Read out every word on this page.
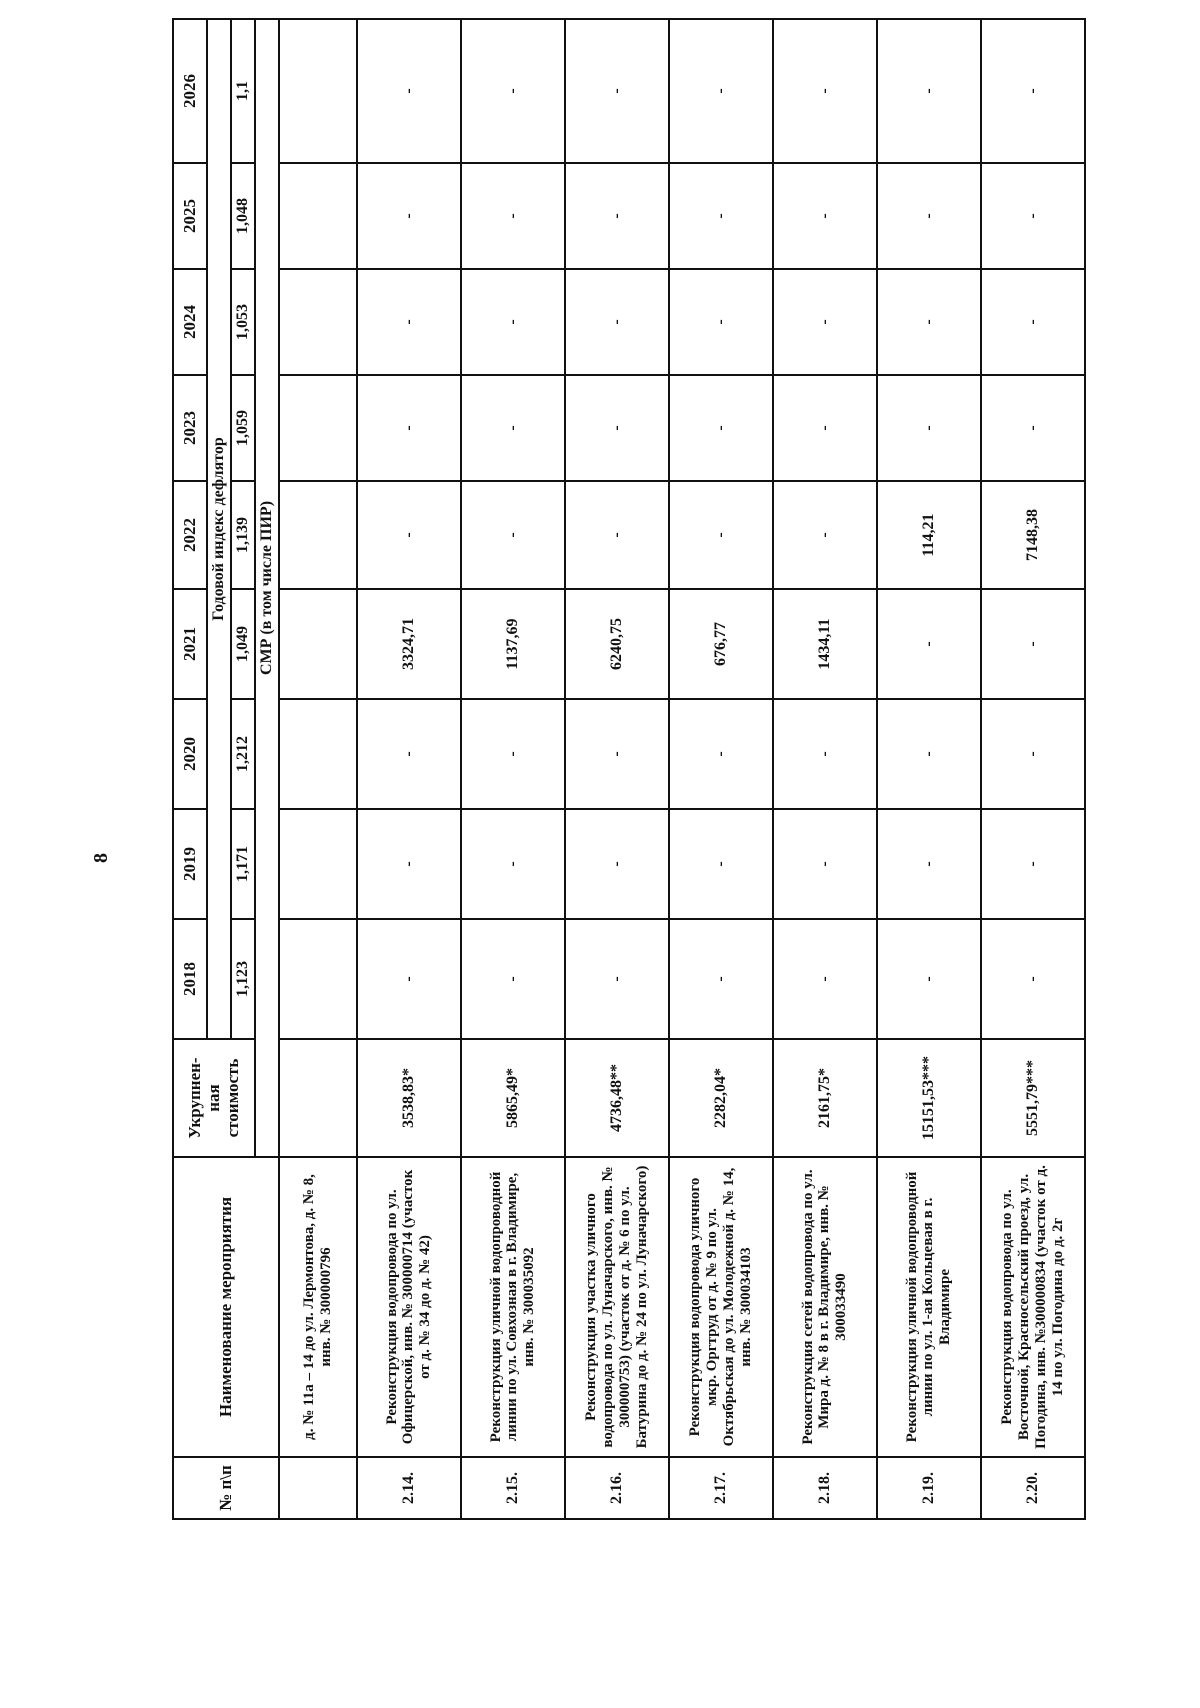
8
№ п\п	Наименование мероприятия	Укрупнен-ная стоимость	2018	2019	2020	2021	2022	2023	2024	2025	2026
			Годовой индекс дефлятор								
			1,123	1,171	1,212	1,049	1,139	1,059	1,053	1,048	1,1
		СМР (в том числе ПИР)									
	д. № 11а – 14 до ул. Лермонтова, д. № 8, инв. № 300000796										
2.14.	Реконструкция водопровода по ул. Офицерской, инв. № 300000714 (участок от д. № 34 до д. № 42)	3538,83*	-	-	-	3324,71	-	-	-	-	-
2.15.	Реконструкция уличной водопроводной линии по ул. Совхозная в г. Владимире, инв. № 300035092	5865,49*	-	-	-	1137,69	-	-	-	-	-
2.16.	Реконструкция участка уличного водопровода по ул. Луначарского, инв. № 300000753) (участок от д. № 6 по ул. Батурина до д. № 24 по ул. Луначарского)	4736,48**	-	-	-	6240,75	-	-	-	-	-
2.17.	Реконструкция водопровода уличного мкр. Оргтруд от д. № 9 по ул. Октябрьская до ул. Молодежной д. № 14, инв. № 300034103	2282,04*	-	-	-	676,77	-	-	-	-	-
2.18.	Реконструкция сетей водопровода по ул. Мира д. № 8 в г. Владимире, инв. № 300033490	2161,75*	-	-	-	1434,11	-	-	-	-	-
2.19.	Реконструкция уличной водопроводной линии по ул. 1-ая Кольцевая в г. Владимире	15151,53***	-	-	-	-	114,21	-	-	-	-
2.20.	Реконструкция водопровода по ул. Восточной, Красносельский проезд, ул. Погодина, инв. №300000834 (участок от д. 14 по ул. Погодина до д. 2г	5551,79***	-	-	-	-	7148,38	-	-	-	-
